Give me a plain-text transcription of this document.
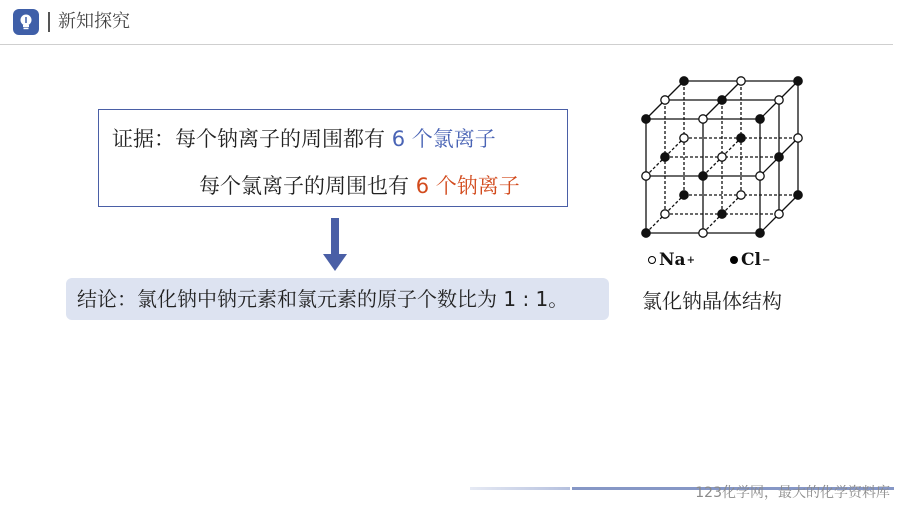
新知探究
证据：每个钠离子的周围都有 6 个氯离子
每个氯离子的周围也有 6 个钠离子
结论：氯化钠中钠元素和氯元素的原子个数比为 1 : 1。
Na +	Cl −
氯化钠晶体结构
123化学网，最大的化学资料库
